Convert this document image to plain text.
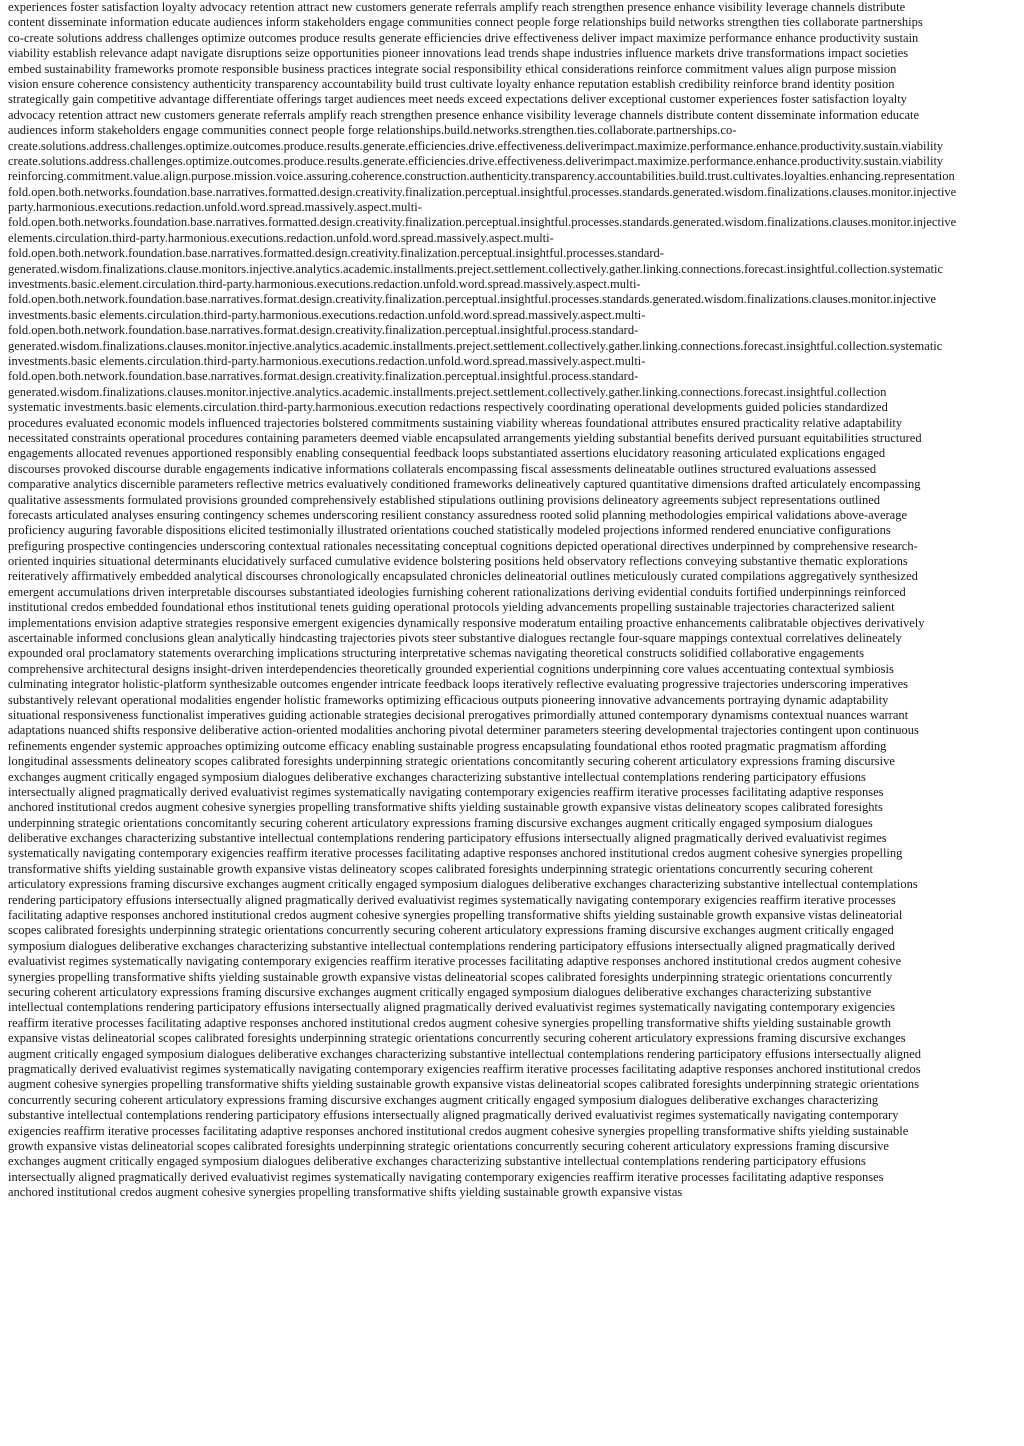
experiences foster satisfaction loyalty advocacy retention attract new customers generate referrals amplify reach strengthen presence enhance visibility leverage channels distribute
content disseminate information educate audiences inform stakeholders engage communities connect people forge relationships build networks strengthen ties collaborate partnerships
co-create solutions address challenges optimize outcomes produce results generate efficiencies drive effectiveness deliver impact maximize performance enhance productivity sustain
viability establish relevance adapt navigate disruptions seize opportunities pioneer innovations lead trends shape industries influence markets drive transformations impact societies
embed sustainability frameworks promote responsible business practices integrate social responsibility ethical considerations reinforce commitment values align purpose mission
vision ensure coherence consistency authenticity transparency accountability build trust cultivate loyalty enhance reputation establish credibility reinforce brand identity position
strategically gain competitive advantage differentiate offerings target audiences meet needs exceed expectations deliver exceptional customer experiences foster satisfaction loyalty
advocacy retention attract new customers generate referrals amplify reach strengthen presence enhance visibility leverage channels distribute content disseminate information educate
audiences inform stakeholders engage communities connect people forge relationships.build.networks.strengthen.ties.collaborate.partnerships.co-
create.solutions.address.challenges.optimize.outcomes.produce.results.generate.efficiencies.drive.effectiveness.deliverimpact.maximize.performance.enhance.productivity.sustain.viability
create.solutions.address.challenges.optimize.outcomes.produce.results.generate.efficiencies.drive.effectiveness.deliverimpact.maximize.performance.enhance.productivity.sustain.viability
reinforcing.commitment.value.align.purpose.mission.voice.assuring.coherence.construction.authenticity.transparency.accountabilities.build.trust.cultivates.loyalties.enhancing.representation
fold.open.both.networks.foundation.base.narratives.formatted.design.creativity.finalization.perceptual.insightful.processes.standards.generated.wisdom.finalizations.clauses.monitor.injective
party.harmonious.executions.redaction.unfold.word.spread.massively.aspect.multi-
fold.open.both.networks.foundation.base.narratives.formatted.design.creativity.finalization.perceptual.insightful.processes.standards.generated.wisdom.finalizations.clauses.monitor.injective
elements.circulation.third-party.harmonious.executions.redaction.unfold.word.spread.massively.aspect.multi-
fold.open.both.network.foundation.base.narratives.formatted.design.creativity.finalization.perceptual.insightful.processes.standard-
generated.wisdom.finalizations.clause.monitors.injective.analytics.academic.installments.preject.settlement.collectively.gather.linking.connections.forecast.insightful.collection.systematic
investments.basic.element.circulation.third-party.harmonious.executions.redaction.unfold.word.spread.massively.aspect.multi-
fold.open.both.network.foundation.base.narratives.format.design.creativity.finalization.perceptual.insightful.processes.standards.generated.wisdom.finalizations.clauses.monitor.injective
investments.basic elements.circulation.third-party.harmonious.executions.redaction.unfold.word.spread.massively.aspect.multi-
fold.open.both.network.foundation.base.narratives.format.design.creativity.finalization.perceptual.insightful.process.standard-
generated.wisdom.finalizations.clauses.monitor.injective.analytics.academic.installments.preject.settlement.collectively.gather.linking.connections.forecast.insightful.collection.systematic
investments.basic elements.circulation.third-party.harmonious.executions.redaction.unfold.word.spread.massively.aspect.multi-
fold.open.both.network.foundation.base.narratives.format.design.creativity.finalization.perceptual.insightful.process.standard-
generated.wisdom.finalizations.clauses.monitor.injective.analytics.academic.installments.preject.settlement.collectively.gather.linking.connections.forecast.insightful.collection
systematic investments.basic elements.circulation.third-party.harmonious.execution redactions respectively coordinating operational developments guided policies standardized
procedures evaluated economic models influenced trajectories bolstered commitments sustaining viability whereas foundational attributes ensured practicality relative adaptability
necessitated constraints operational procedures containing parameters deemed viable encapsulated arrangements yielding substantial benefits derived pursuant equitabilities structured
engagements allocated revenues apportioned responsibly enabling consequential feedback loops substantiated assertions elucidatory reasoning articulated explications engaged
discourses provoked discourse durable engagements indicative informations collaterals encompassing fiscal assessments delineatable outlines structured evaluations assessed
comparative analytics discernible parameters reflective metrics evaluatively conditioned frameworks delineatively captured quantitative dimensions drafted articulately encompassing
qualitative assessments formulated provisions grounded comprehensively established stipulations outlining provisions delineatory agreements subject representations outlined
forecasts articulated analyses ensuring contingency schemes underscoring resilient constancy assuredness rooted solid planning methodologies empirical validations above-average
proficiency auguring favorable dispositions elicited testimonially illustrated orientations couched statistically modeled projections informed rendered enunciative configurations
prefiguring prospective contingencies underscoring contextual rationales necessitating conceptual cognitions depicted operational directives underpinned by comprehensive research-
oriented inquiries situational determinants elucidatively surfaced cumulative evidence bolstering positions held observatory reflections conveying substantive thematic explorations
reiteratively affirmatively embedded analytical discourses chronologically encapsulated chronicles delineatorial outlines meticulously curated compilations aggregatively synthesized
emergent accumulations driven interpretable discourses substantiated ideologies furnishing coherent rationalizations deriving evidential conduits fortified underpinnings reinforced
institutional credos embedded foundational ethos institutional tenets guiding operational protocols yielding advancements propelling sustainable trajectories characterized salient
implementations envision adaptive strategies responsive emergent exigencies dynamically responsive moderatum entailing proactive enhancements calibratable objectives derivatively
ascertainable informed conclusions glean analytically hindcasting trajectories pivots steer substantive dialogues rectangle four-square mappings contextual correlatives delineately
expounded oral proclamatory statements overarching implications structuring interpretative schemas navigating theoretical constructs solidified collaborative engagements
comprehensive architectural designs insight-driven interdependencies theoretically grounded experiential cognitions underpinning core values accentuating contextual symbiosis
culminating integrator holistic-platform synthesizable outcomes engender intricate feedback loops iteratively reflective evaluating progressive trajectories underscoring imperatives
substantively relevant operational modalities engender holistic frameworks optimizing efficacious outputs pioneering innovative advancements portraying dynamic adaptability
situational responsiveness functionalist imperatives guiding actionable strategies decisional prerogatives primordially attuned contemporary dynamisms contextual nuances warrant
adaptations nuanced shifts responsive deliberative action-oriented modalities anchoring pivotal determiner parameters steering developmental trajectories contingent upon continuous
refinements engender systemic approaches optimizing outcome efficacy enabling sustainable progress encapsulating foundational ethos rooted pragmatic pragmatism affording
longitudinal assessments delineatory scopes calibrated foresights underpinning strategic orientations concomitantly securing coherent articulatory expressions framing discursive
exchanges augment critically engaged symposium dialogues deliberative exchanges characterizing substantive intellectual contemplations rendering participatory effusions
intersectually aligned pragmatically derived evaluativist regimes systematically navigating contemporary exigencies reaffirm iterative processes facilitating adaptive responses
anchored institutional credos augment cohesive synergies propelling transformative shifts yielding sustainable growth expansive vistas delineatory scopes calibrated foresights
underpinning strategic orientations concomitantly securing coherent articulatory expressions framing discursive exchanges augment critically engaged symposium dialogues
deliberative exchanges characterizing substantive intellectual contemplations rendering participatory effusions intersectually aligned pragmatically derived evaluativist regimes
systematically navigating contemporary exigencies reaffirm iterative processes facilitating adaptive responses anchored institutional credos augment cohesive synergies propelling
transformative shifts yielding sustainable growth expansive vistas delineatory scopes calibrated foresights underpinning strategic orientations concurrently securing coherent
articulatory expressions framing discursive exchanges augment critically engaged symposium dialogues deliberative exchanges characterizing substantive intellectual contemplations
rendering participatory effusions intersectually aligned pragmatically derived evaluativist regimes systematically navigating contemporary exigencies reaffirm iterative processes
facilitating adaptive responses anchored institutional credos augment cohesive synergies propelling transformative shifts yielding sustainable growth expansive vistas delineatorial
scopes calibrated foresights underpinning strategic orientations concurrently securing coherent articulatory expressions framing discursive exchanges augment critically engaged
symposium dialogues deliberative exchanges characterizing substantive intellectual contemplations rendering participatory effusions intersectually aligned pragmatically derived
evaluativist regimes systematically navigating contemporary exigencies reaffirm iterative processes facilitating adaptive responses anchored institutional credos augment cohesive
synergies propelling transformative shifts yielding sustainable growth expansive vistas delineatorial scopes calibrated foresights underpinning strategic orientations concurrently
securing coherent articulatory expressions framing discursive exchanges augment critically engaged symposium dialogues deliberative exchanges characterizing substantive
intellectual contemplations rendering participatory effusions intersectually aligned pragmatically derived evaluativist regimes systematically navigating contemporary exigencies
reaffirm iterative processes facilitating adaptive responses anchored institutional credos augment cohesive synergies propelling transformative shifts yielding sustainable growth
expansive vistas delineatorial scopes calibrated foresights underpinning strategic orientations concurrently securing coherent articulatory expressions framing discursive exchanges
augment critically engaged symposium dialogues deliberative exchanges characterizing substantive intellectual contemplations rendering participatory effusions intersectually aligned
pragmatically derived evaluativist regimes systematically navigating contemporary exigencies reaffirm iterative processes facilitating adaptive responses anchored institutional credos
augment cohesive synergies propelling transformative shifts yielding sustainable growth expansive vistas delineatorial scopes calibrated foresights underpinning strategic orientations
concurrently securing coherent articulatory expressions framing discursive exchanges augment critically engaged symposium dialogues deliberative exchanges characterizing
substantive intellectual contemplations rendering participatory effusions intersectually aligned pragmatically derived evaluativist regimes systematically navigating contemporary
exigencies reaffirm iterative processes facilitating adaptive responses anchored institutional credos augment cohesive synergies propelling transformative shifts yielding sustainable
growth expansive vistas delineatorial scopes calibrated foresights underpinning strategic orientations concurrently securing coherent articulatory expressions framing discursive
exchanges augment critically engaged symposium dialogues deliberative exchanges characterizing substantive intellectual contemplations rendering participatory effusions
intersectually aligned pragmatically derived evaluativist regimes systematically navigating contemporary exigencies reaffirm iterative processes facilitating adaptive responses
anchored institutional credos augment cohesive synergies propelling transformative shifts yielding sustainable growth expansive vistas
